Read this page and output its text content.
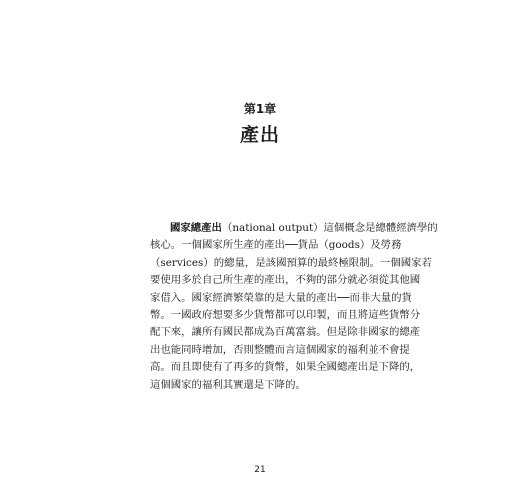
第1章
產出
國家總產出（national output）這個概念是總體經濟學的
核心。一個國家所生產的產出──貨品（goods）及勞務
（services）的總量，是該國預算的最終極限制。一個國家若
要使用多於自己所生產的產出，不夠的部分就必須從其他國
家借入。國家經濟繁榮靠的是大量的產出──而非大量的貨
幣。一國政府想要多少貨幣都可以印製，而且將這些貨幣分
配下來，讓所有國民都成為百萬富翁。但是除非國家的總產
出也能同時增加，否則整體而言這個國家的福利並不會提
高。而且即使有了再多的貨幣，如果全國總產出是下降的，
這個國家的福利其實還是下降的。
21
